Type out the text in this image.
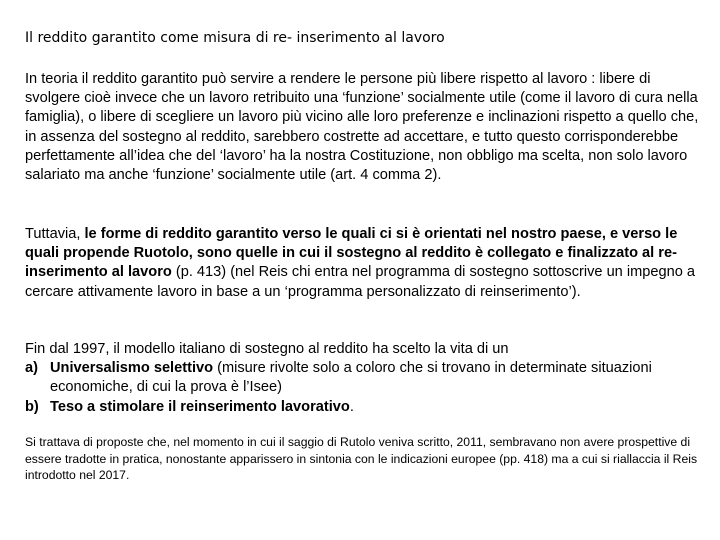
Il reddito garantito come misura di re- inserimento al lavoro

In teoria il reddito garantito può servire a rendere le persone più libere rispetto al lavoro : libere di svolgere cioè invece che un lavoro retribuito una ‘funzione’ socialmente utile (come il lavoro di cura nella famiglia), o libere di scegliere un lavoro più vicino alle loro preferenze e inclinazioni rispetto a quello che, in assenza del sostegno al reddito, sarebbero costrette ad accettare, e tutto questo corrisponderebbe perfettamente all’idea che del ‘lavoro’ ha la nostra Costituzione, non obbligo ma scelta, non solo lavoro salariato ma anche ‘funzione’ socialmente utile (art. 4 comma 2).

Tuttavia, le forme di reddito garantito verso le quali ci si è orientati nel nostro paese, e verso le quali propende Ruotolo, sono quelle in cui il sostegno al reddito è collegato e finalizzato al re-inserimento al lavoro (p. 413) (nel Reis chi entra nel programma di sostegno sottoscrive un impegno a cercare attivamente lavoro in base a un ‘programma personalizzato di reinserimento’).

Fin dal 1997, il modello italiano di sostegno al reddito ha scelto la vita di un
a) Universalismo selettivo (misure rivolte solo a coloro che si trovano in determinate situazioni economiche, di cui la prova è l’Isee)
b) Teso a stimolare il reinserimento lavorativo.

Si trattava di proposte che, nel momento in cui il saggio di Rutolo veniva scritto, 2011, sembravano non avere prospettive di essere tradotte in pratica, nonostante apparissero in sintonia con le indicazioni europee (pp. 418) ma a cui si riallaccia il Reis introdotto nel 2017.
